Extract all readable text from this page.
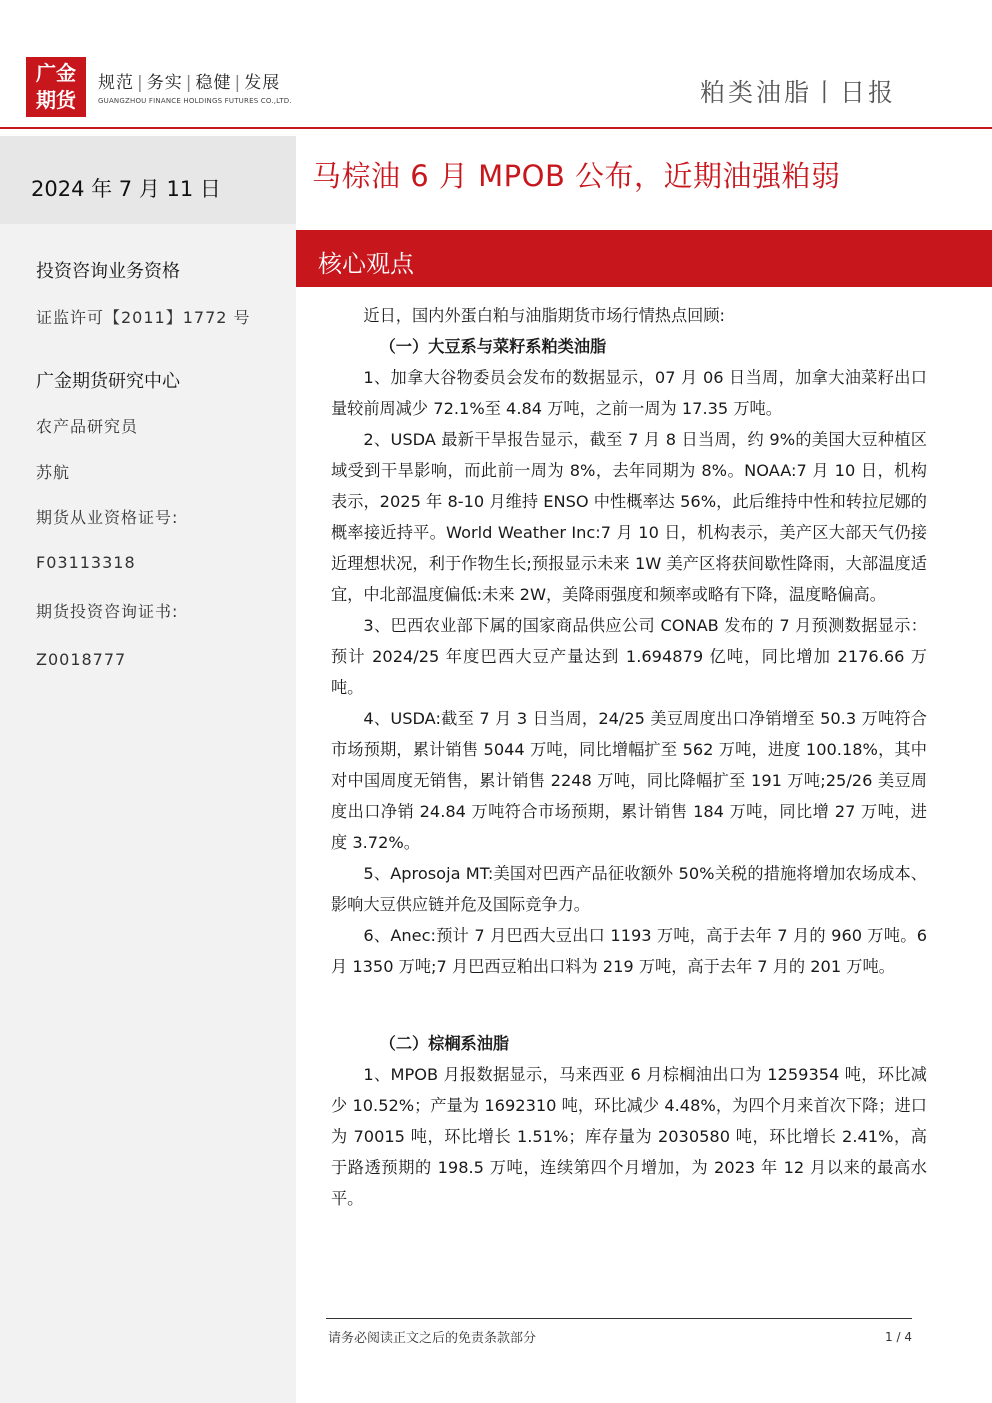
广金
期货
规范 | 务实 | 稳健 | 发展
GUANGZHOU FINANCE HOLDINGS FUTURES CO.,LTD.	粕类油脂丨日报
2024 年 7 月 11 日
投资咨询业务资格
证监许可【2011】1772 号
广金期货研究中心
农产品研究员
苏航
期货从业资格证号:
F03113318
期货投资咨询证书:
Z0018777
马棕油 6 月 MPOB 公布，近期油强粕弱
核心观点

近日，国内外蛋白粕与油脂期货市场行情热点回顾:

（一）大豆系与菜籽系粕类油脂

1、加拿大谷物委员会发布的数据显示，07 月 06 日当周，加拿大油菜籽出口量较前周减少 72.1%至 4.84 万吨，之前一周为 17.35 万吨。

2、USDA 最新干旱报告显示，截至 7 月 8 日当周，约 9%的美国大豆种植区域受到干旱影响，而此前一周为 8%，去年同期为 8%。NOAA:7 月 10 日，机构表示，2025 年 8-10 月维持 ENSO 中性概率达 56%，此后维持中性和转拉尼娜的概率接近持平。World Weather Inc:7 月 10 日，机构表示，美产区大部天气仍接近理想状况，利于作物生长;预报显示未来 1W 美产区将获间歇性降雨，大部温度适宜，中北部温度偏低:未来 2W，美降雨强度和频率或略有下降，温度略偏高。

3、巴西农业部下属的国家商品供应公司 CONAB 发布的 7 月预测数据显示：预计 2024/25 年度巴西大豆产量达到 1.694879 亿吨，同比增加 2176.66 万吨。

4、USDA:截至 7 月 3 日当周，24/25 美豆周度出口净销增至 50.3 万吨符合市场预期，累计销售 5044 万吨，同比增幅扩至 562 万吨，进度 100.18%，其中对中国周度无销售，累计销售 2248 万吨，同比降幅扩至 191 万吨;25/26 美豆周度出口净销 24.84 万吨符合市场预期，累计销售 184 万吨，同比增 27 万吨，进度 3.72%。

5、Aprosoja MT:美国对巴西产品征收额外 50%关税的措施将增加农场成本、影响大豆供应链并危及国际竞争力。

6、Anec:预计 7 月巴西大豆出口 1193 万吨，高于去年 7 月的 960 万吨。6 月 1350 万吨;7 月巴西豆粕出口料为 219 万吨，高于去年 7 月的 201 万吨。

（二）棕榈系油脂

1、MPOB 月报数据显示，马来西亚 6 月棕榈油出口为 1259354 吨，环比减少 10.52%；产量为 1692310 吨，环比减少 4.48%，为四个月来首次下降；进口为 70015 吨，环比增长 1.51%；库存量为 2030580 吨，环比增长 2.41%，高于路透预期的 198.5 万吨，连续第四个月增加，为 2023 年 12 月以来的最高水平。

请务必阅读正文之后的免责条款部分	1 / 4
